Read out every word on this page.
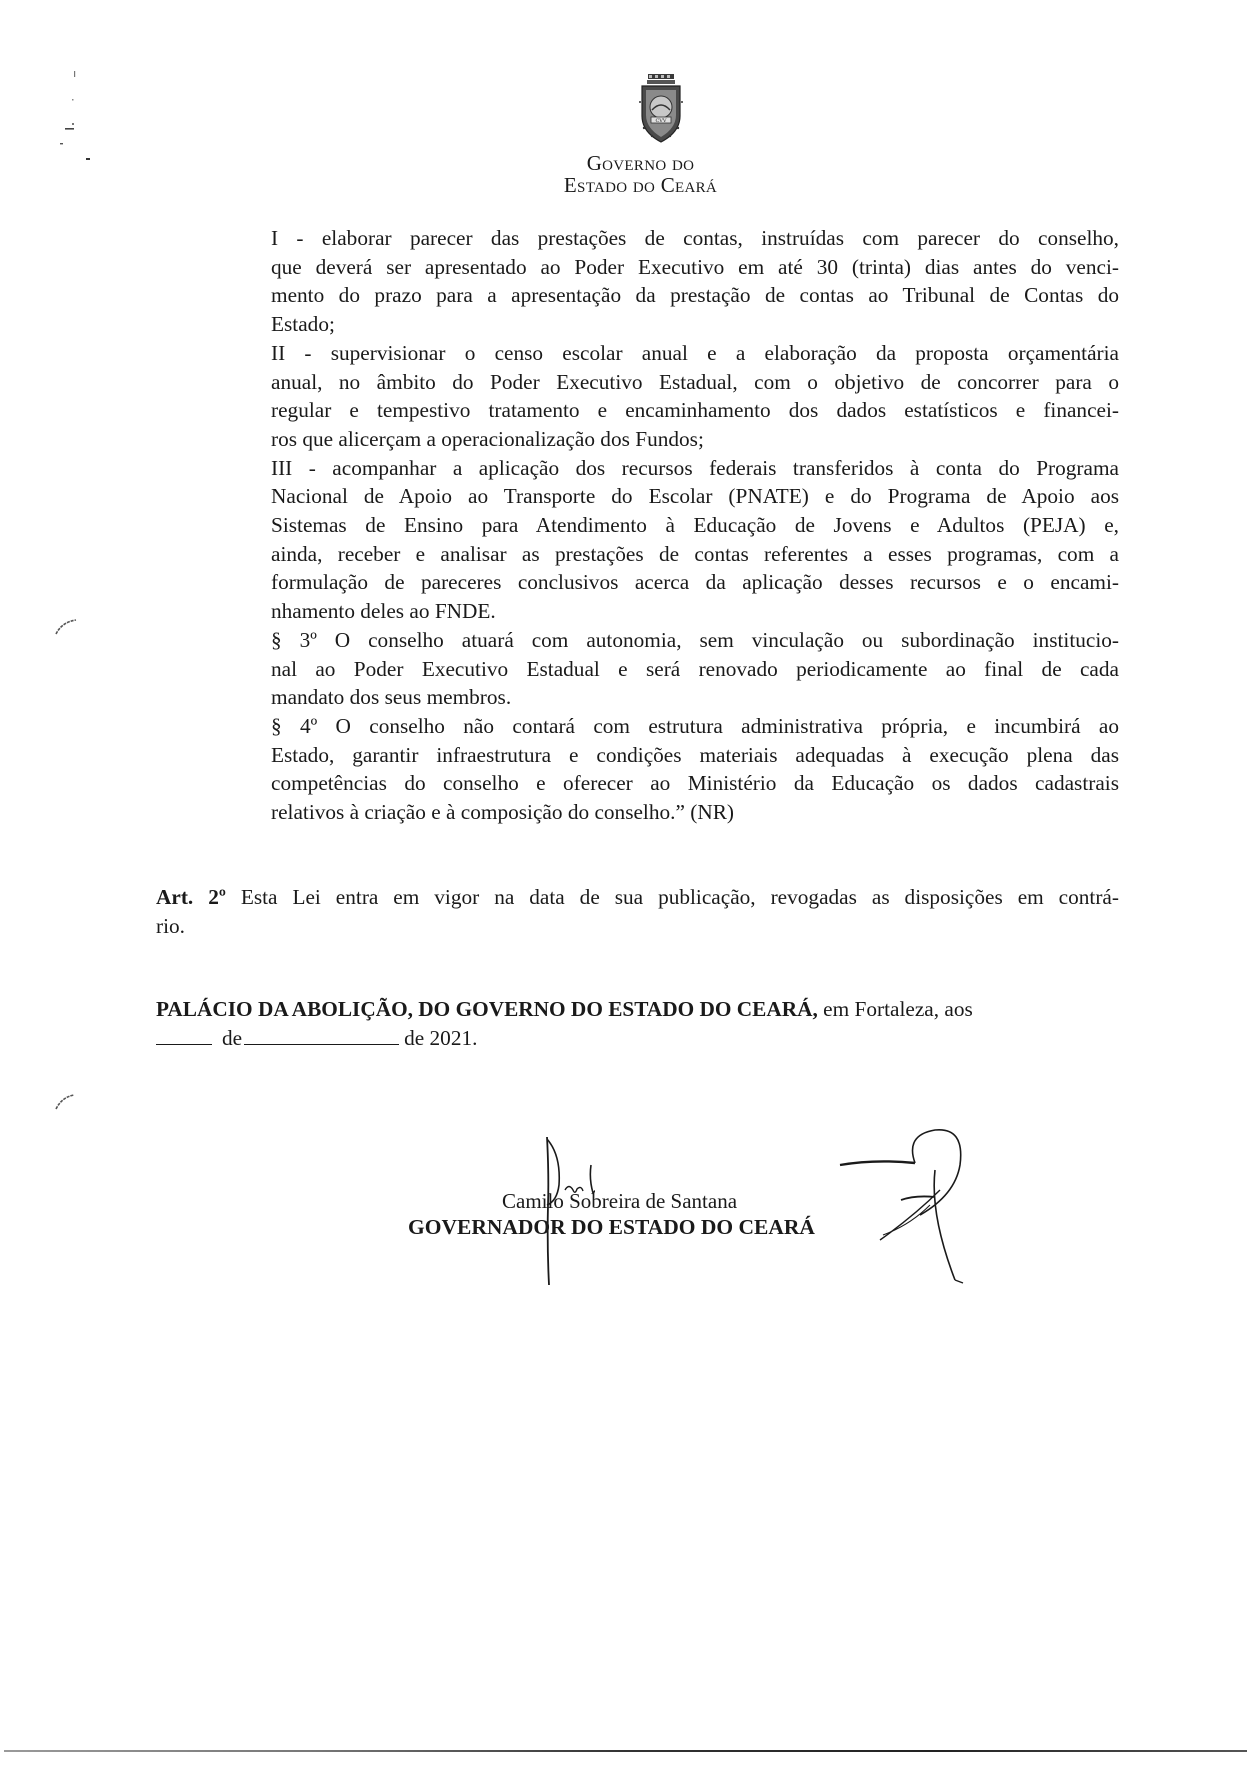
CVV
Governo do
Estado do Ceará

I - elaborar parecer das prestações de contas, instruídas com parecer do conselho,
que deverá ser apresentado ao Poder Executivo em até 30 (trinta) dias antes do venci-
mento do prazo para a apresentação da prestação de contas ao Tribunal de Contas do
Estado;

II - supervisionar o censo escolar anual e a elaboração da proposta orçamentária
anual, no âmbito do Poder Executivo Estadual, com o objetivo de concorrer para o
regular e tempestivo tratamento e encaminhamento dos dados estatísticos e financei-
ros que alicerçam a operacionalização dos Fundos;

III - acompanhar a aplicação dos recursos federais transferidos à conta do Programa
Nacional de Apoio ao Transporte do Escolar (PNATE) e do Programa de Apoio aos
Sistemas de Ensino para Atendimento à Educação de Jovens e Adultos (PEJA) e,
ainda, receber e analisar as prestações de contas referentes a esses programas, com a
formulação de pareceres conclusivos acerca da aplicação desses recursos e o encami-
nhamento deles ao FNDE.

§ 3º O conselho atuará com autonomia, sem vinculação ou subordinação institucio-
nal ao Poder Executivo Estadual e será renovado periodicamente ao final de cada
mandato dos seus membros.

§ 4º O conselho não contará com estrutura administrativa própria, e incumbirá ao
Estado, garantir infraestrutura e condições materiais adequadas à execução plena das
competências do conselho e oferecer ao Ministério da Educação os dados cadastrais
relativos à criação e à composição do conselho.” (NR)

Art. 2º Esta Lei entra em vigor na data de sua publicação, revogadas as disposições em contrá-
rio.
PALÁCIO DA ABOLIÇÃO, DO GOVERNO DO ESTADO DO CEARÁ, em Fortaleza, aos
de	de 2021.
Camilo Sobreira de Santana
GOVERNADOR DO ESTADO DO CEARÁ
